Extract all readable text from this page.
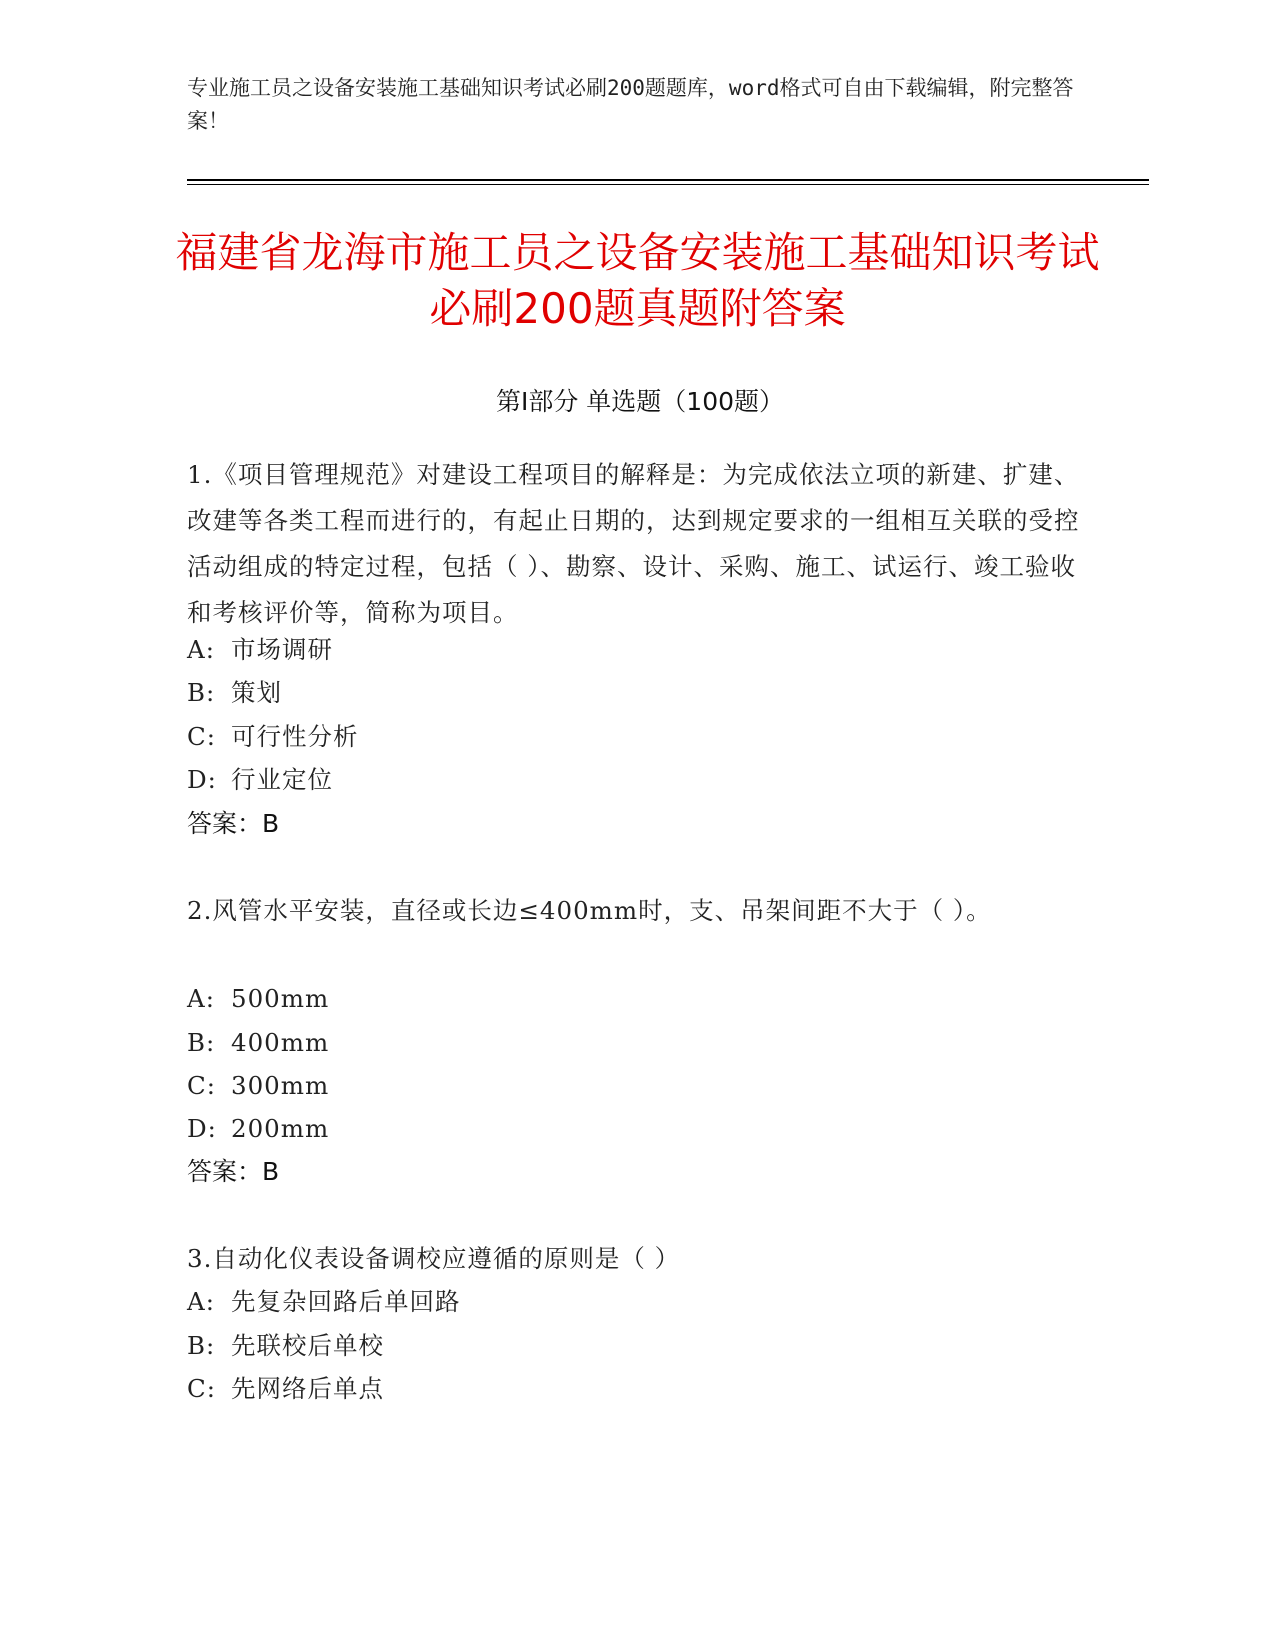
专业施工员之设备安装施工基础知识考试必刷200题题库，word格式可自由下载编辑，附完整答案！
福建省龙海市施工员之设备安装施工基础知识考试必刷200题真题附答案
第Ⅰ部分 单选题（100题）
1.《项目管理规范》对建设工程项目的解释是：为完成依法立项的新建、扩建、改建等各类工程而进行的，有起止日期的，达到规定要求的一组相互关联的受控活动组成的特定过程，包括（ ）、勘察、设计、采购、施工、试运行、竣工验收和考核评价等，简称为项目。
A: 市场调研
B: 策划
C: 可行性分析
D: 行业定位
答案：B
2.风管水平安装，直径或长边≤400mm时，支、吊架间距不大于（ ）。
A: 500mm
B: 400mm
C: 300mm
D: 200mm
答案：B
3.自动化仪表设备调校应遵循的原则是（ ）
A: 先复杂回路后单回路
B: 先联校后单校
C: 先网络后单点
